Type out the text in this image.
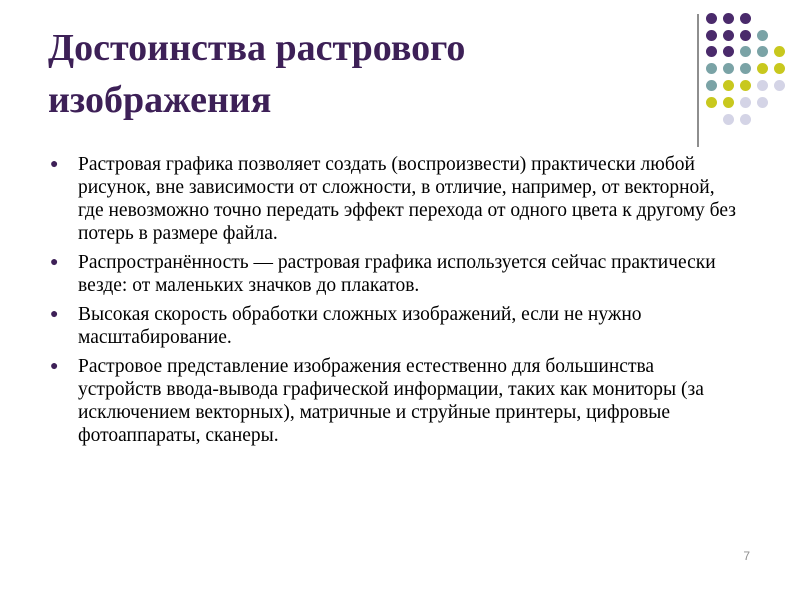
Достоинства растрового изображения
● Растровая графика позволяет создать (воспроизвести) практически любой рисунок, вне зависимости от сложности, в отличие, например, от векторной, где невозможно точно передать эффект перехода от одного цвета к другому без потерь в размере файла.
● Распространённость — растровая графика используется сейчас практически везде: от маленьких значков до плакатов.
● Высокая скорость обработки сложных изображений, если не нужно масштабирование.
● Растровое представление изображения естественно для большинства устройств ввода-вывода графической информации, таких как мониторы (за исключением векторных), матричные и струйные принтеры, цифровые фотоаппараты, сканеры.
7
